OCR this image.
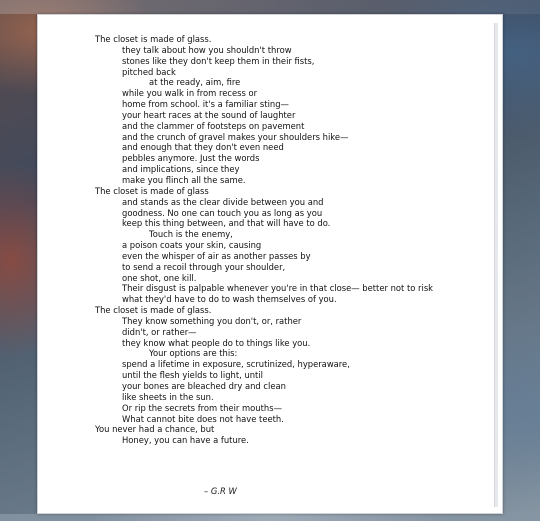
The closet is made of glass.
they talk about how you shouldn't throw
stones like they don't keep them in their fists,
pitched back
at the ready, aim, fire
while you walk in from recess or
home from school. it's a familiar sting—
your heart races at the sound of laughter
and the clammer of footsteps on pavement
and the crunch of gravel makes your shoulders hike—
and enough that they don't even need
pebbles anymore. Just the words
and implications, since they
make you flinch all the same.
The closet is made of glass
and stands as the clear divide between you and
goodness. No one can touch you as long as you
keep this thing between, and that will have to do.
Touch is the enemy,
a poison coats your skin, causing
even the whisper of air as another passes by
to send a recoil through your shoulder,
one shot, one kill.
Their disgust is palpable whenever you're in that close— better not to risk
what they'd have to do to wash themselves of you.
The closet is made of glass.
They know something you don't, or, rather
didn't, or rather—
they know what people do to things like you.
Your options are this:
spend a lifetime in exposure, scrutinized, hyperaware,
until the flesh yields to light, until
your bones are bleached dry and clean
like sheets in the sun.
Or rip the secrets from their mouths—
What cannot bite does not have teeth.
You never had a chance, but
Honey, you can have a future.
– G.R W
